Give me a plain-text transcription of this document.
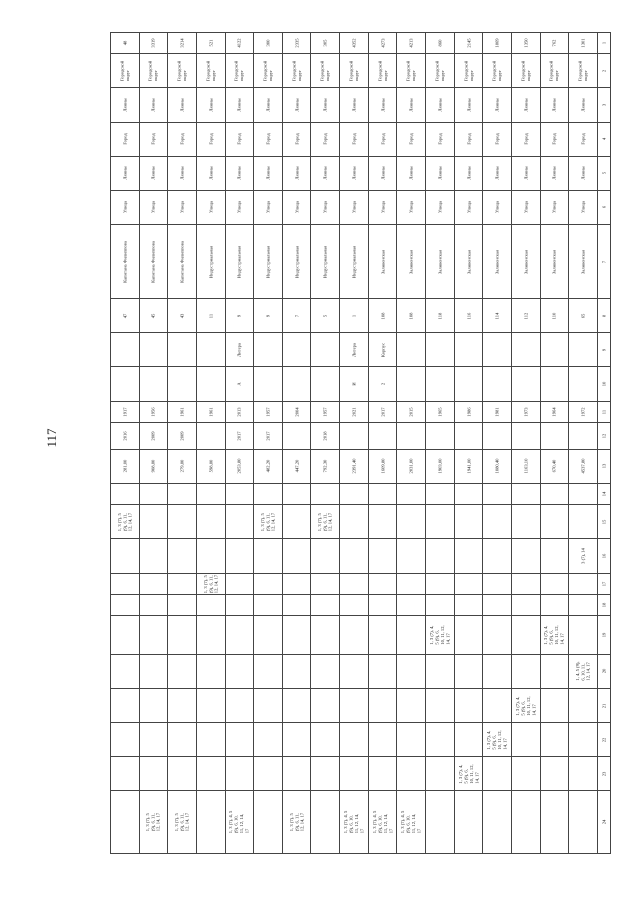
117
48	3319	3214	521	4122	300	2335	305	4352	4273	4213	860	2145	1869	1350	762	1301	1

Городской
округ	Городской
округ	Городской
округ	Городской
округ	Городской
округ	Городской
округ	Городской
округ	Городской
округ	Городской
округ	Городской
округ	Городской
округ	Городской
округ	Городской
округ	Городской
округ	Городской
округ	Городской
округ	Городской
округ	2

Лянны	Лянны	Лянны	Лянны	Лянны	Лянны	Лянны	Лянны	Лянны	Лянны	Лянны	Лянны	Лянны	Лянны	Лянны	Лянны	Лянны	3

Город	Город	Город	Город	Город	Город	Город	Город	Город	Город	Город	Город	Город	Город	Город	Город	Город	4

Лянны	Лянны	Лянны	Лянны	Лянны	Лянны	Лянны	Лянны	Лянны	Лянны	Лянны	Лянны	Лянны	Лянны	Лянны	Лянны	Лянны	5

Улица	Улица	Улица	Улица	Улица	Улица	Улица	Улица	Улица	Улица	Улица	Улица	Улица	Улица	Улица	Улица	Улица	6

Капитана Филиппова	Капитана Филиппова	Капитана Филиппова	Индустриальная	Индустриальная	Индустриальная	Индустриальная	Индустриальная	Индустриальная	Заливенская	Заливенская	Заливенская	Заливенская	Заливенская	Заливенская	Заливенская	Заливенская	7

47	45	43	11	9	9	7	5	1	108	108	118	116	114	112	110	65	8

				Литера				Литера	Корпус								9

				А				И	2								10

1917	1956	1961	1961	2013	1957	2004	1957	2021	2017	2015	1965	1986	1981	1973	1964	1972	11

2016	2009	2009		2017	2017		2018										12

281,00	908,80	279,80	598,80	2053,80	482,20	447,20	792,30	2391,40	1609,80	2031,00	1903,00	1941,00	1080,40	1163,10	670,40	4537,80	13

																	14

1, 3 (7), 5
(9), 6, 11,
12, 14, 17					1, 3 (7), 5
(9), 6, 11,
12, 14, 17		1, 3 (7), 5
(9), 6, 11,
12, 14, 17										15

																3 (7), 14	16

			1, 3 (7), 5
(9), 6, 11,
12, 14, 17														17

																	18

											1, 3 (7), 4,
5 (9), 6,
10, 11, 12,
14, 17				1, 3 (7), 4,
5 (9), 6,
10, 11, 12,
14, 17		19

																1, 4, 5 (9),
6, 10, 11,
12, 14, 17	20

														1, 3 (7), 4,
5 (9), 6,
10, 11, 12,
14, 17			21

													1, 3 (7), 4,
5 (9), 6,
10, 11, 12,
14, 17				22

												1, 3 (7), 4,
5 (9), 6,
10, 11, 12,
14, 17					23

	1, 3 (7), 5
(9), 6, 11,
12, 14, 17	1, 3 (7), 5
(9), 6, 11,
12, 14, 17		1, 3 (7), 4, 5
(9), 6, 10,
11, 12, 14,
17		1, 3 (7), 5
(9), 6, 11,
12, 14, 17		1, 3 (7), 4, 5
(9), 6, 10,
11, 12, 14,
17	1, 3 (7), 4, 5
(9), 6, 10,
11, 12, 14,
17	1, 3 (7), 4, 5
(9), 6, 10,
11, 12, 14,
17							24
